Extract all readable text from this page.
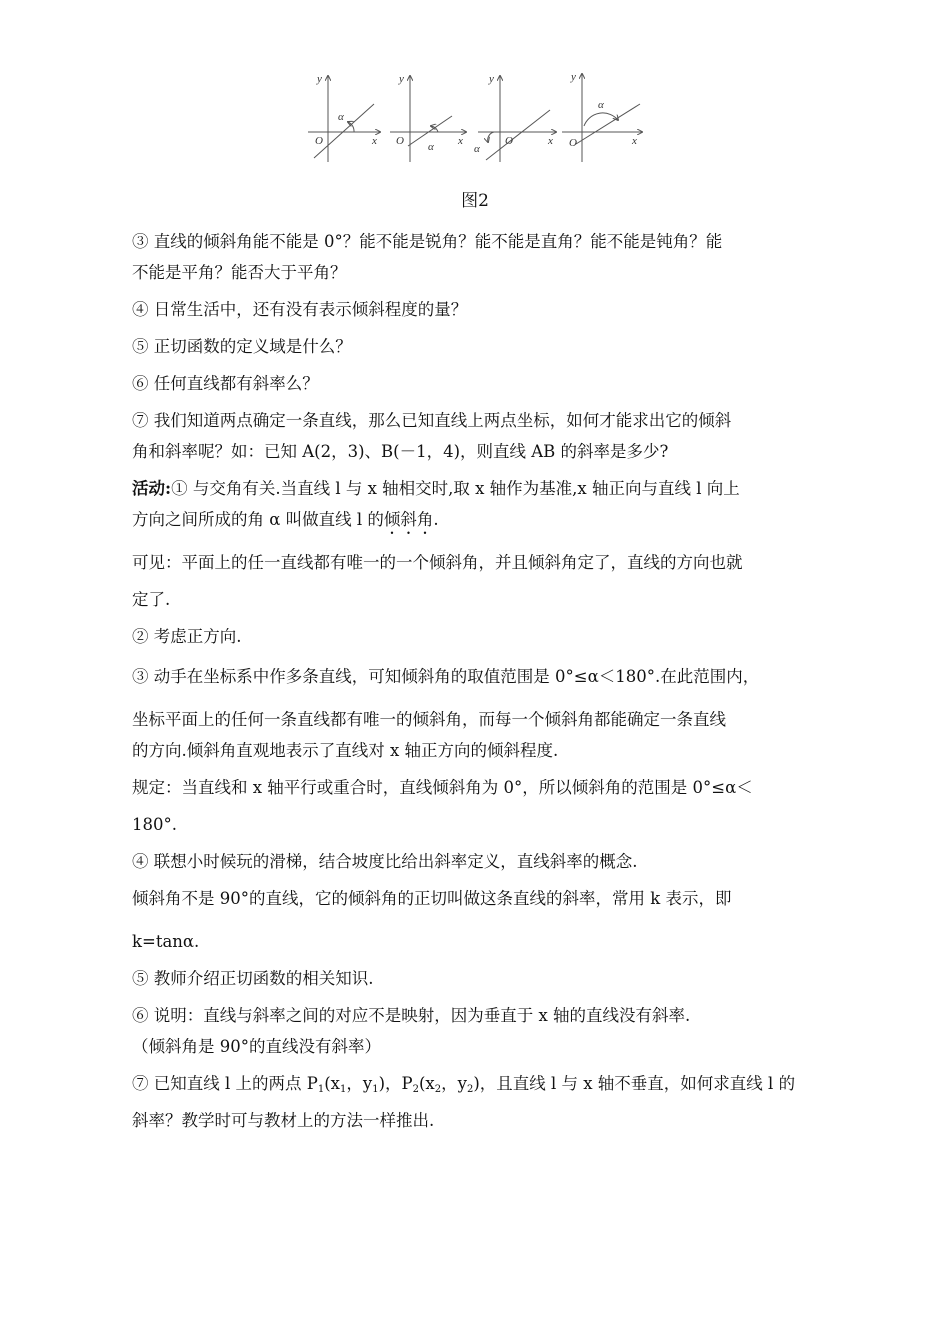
y
O	x
α
y
O	x
α
y
O	x
α
y
O	x
α
图2

③ 直线的倾斜角能不能是 0°？能不能是锐角？能不能是直角？能不能是钝角？能

不能是平角？能否大于平角？

④ 日常生活中，还有没有表示倾斜程度的量？

⑤ 正切函数的定义域是什么？

⑥ 任何直线都有斜率么？

⑦ 我们知道两点确定一条直线，那么已知直线上两点坐标，如何才能求出它的倾斜

角和斜率呢？如：已知 A(2，3)、B(－1，4)，则直线 AB 的斜率是多少?

活动:① 与交角有关.当直线 l 与 x 轴相交时,取 x 轴作为基准,x 轴正向与直线 l 向上

方向之间所成的角 α 叫做直线 l 的倾斜角.

可见：平面上的任一直线都有唯一的一个倾斜角，并且倾斜角定了，直线的方向也就

定了.

② 考虑正方向.

③ 动手在坐标系中作多条直线，可知倾斜角的取值范围是 0°≤α＜180°.在此范围内，

坐标平面上的任何一条直线都有唯一的倾斜角，而每一个倾斜角都能确定一条直线

的方向.倾斜角直观地表示了直线对 x 轴正方向的倾斜程度.

规定：当直线和 x 轴平行或重合时，直线倾斜角为 0°，所以倾斜角的范围是 0°≤α＜

180°.

④ 联想小时候玩的滑梯，结合坡度比给出斜率定义，直线斜率的概念.

倾斜角不是 90°的直线，它的倾斜角的正切叫做这条直线的斜率，常用 k 表示，即

k=tanα.

⑤ 教师介绍正切函数的相关知识.

⑥ 说明：直线与斜率之间的对应不是映射，因为垂直于 x 轴的直线没有斜率.

（倾斜角是 90°的直线没有斜率）

⑦ 已知直线 l 上的两点 $P_1(x_1$，$y_1$)，$P_2(x_2$，$y_2$)，且直线 l 与 x 轴不垂直，如何求直线 l 的

斜率？教学时可与教材上的方法一样推出.
